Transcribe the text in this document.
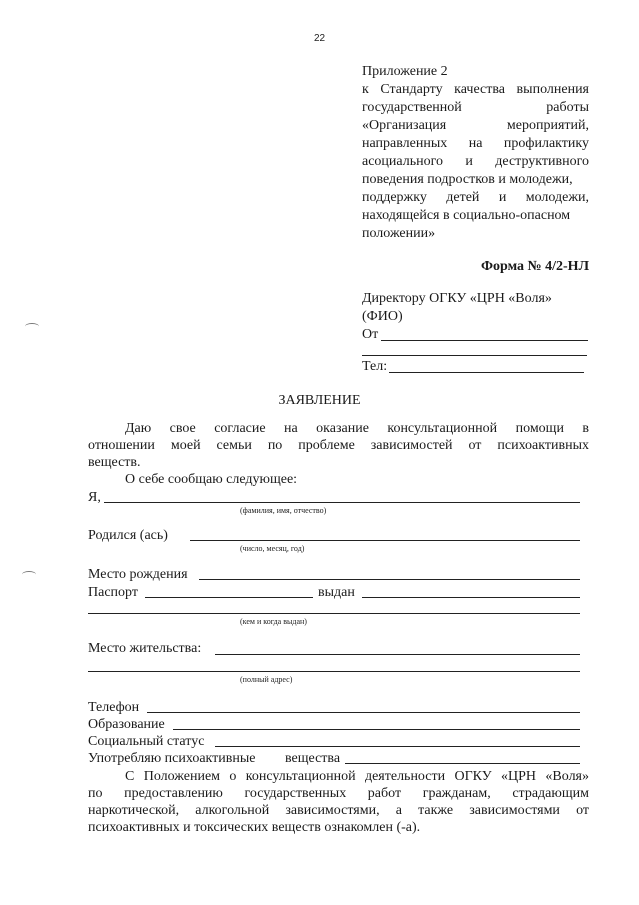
22
Приложение 2
к Стандарту качества выполнения
государственной работы
«Организация мероприятий,
направленных на профилактику
асоциального и деструктивного
поведения подростков и молодежи,
поддержку детей и молодежи,
находящейся в социально-опасном
положении»
Форма № 4/2-НЛ
Директору ОГКУ «ЦРН «Воля»
(ФИО)
От
Тел:
ЗАЯВЛЕНИЕ
Даю свое согласие на оказание консультационной помощи в
отношении моей семьи по проблеме зависимостей от психоактивных
веществ.
О себе сообщаю следующее:
Я,
(фамилия, имя, отчество)
Родился (ась)
(число, месяц, год)
Место рождения
Паспорт	выдан
(кем и когда выдан)
Место жительства:
(полный адрес)
Телефон
Образование
Социальный статус
Употребляю психоактивные вещества
С Положением о консультационной деятельности ОГКУ «ЦРН «Воля»
по предоставлению государственных работ гражданам, страдающим
наркотической, алкогольной зависимостями, а также зависимостями от
психоактивных и токсических веществ ознакомлен (-а).
